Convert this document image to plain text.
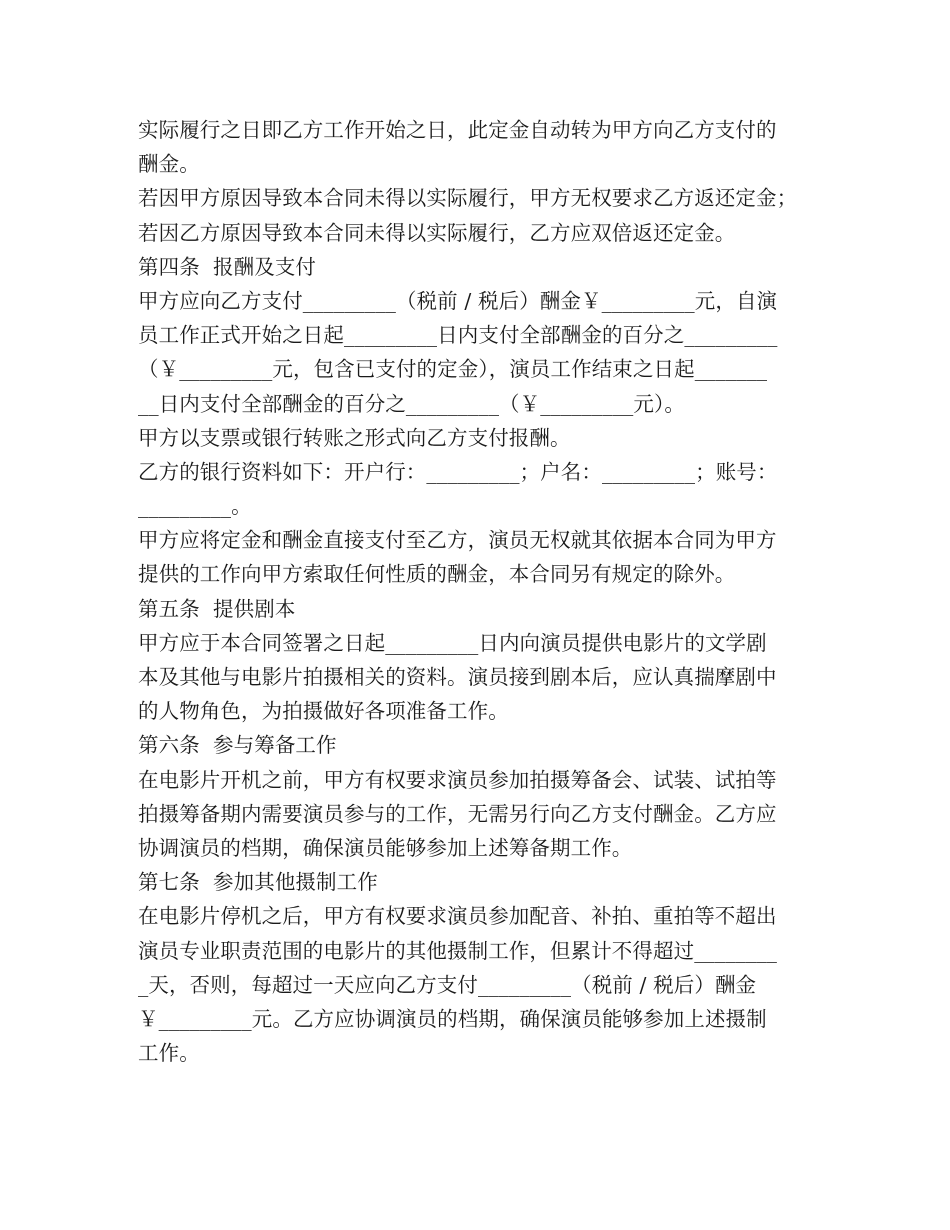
实际履行之日即乙方工作开始之日，此定金自动转为甲方向乙方支付的
酬金。
若因甲方原因导致本合同未得以实际履行，甲方无权要求乙方返还定金；
若因乙方原因导致本合同未得以实际履行，乙方应双倍返还定金。
第四条  报酬及支付
甲方应向乙方支付_________（税前 / 税后）酬金￥_________元，自演
员工作正式开始之日起_________日内支付全部酬金的百分之_________
（￥_________元，包含已支付的定金），演员工作结束之日起_______
__日内支付全部酬金的百分之_________（￥_________元）。
甲方以支票或银行转账之形式向乙方支付报酬。
乙方的银行资料如下：开户行：_________；户名：_________；账号：
_________。
甲方应将定金和酬金直接支付至乙方，演员无权就其依据本合同为甲方
提供的工作向甲方索取任何性质的酬金，本合同另有规定的除外。
第五条  提供剧本
甲方应于本合同签署之日起_________日内向演员提供电影片的文学剧
本及其他与电影片拍摄相关的资料。演员接到剧本后，应认真揣摩剧中
的人物角色，为拍摄做好各项准备工作。
第六条  参与筹备工作
在电影片开机之前，甲方有权要求演员参加拍摄筹备会、试装、试拍等
拍摄筹备期内需要演员参与的工作，无需另行向乙方支付酬金。乙方应
协调演员的档期，确保演员能够参加上述筹备期工作。
第七条  参加其他摄制工作
在电影片停机之后，甲方有权要求演员参加配音、补拍、重拍等不超出
演员专业职责范围的电影片的其他摄制工作，但累计不得超过________
_天，否则，每超过一天应向乙方支付_________（税前 / 税后）酬金
￥_________元。乙方应协调演员的档期，确保演员能够参加上述摄制
工作。
